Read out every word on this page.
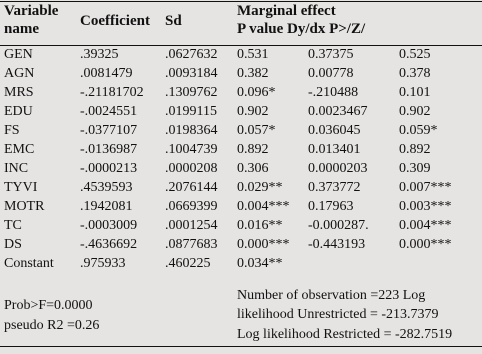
Variable
name	Coefficient Sd
Marginal effect
P value Dy/dx P>/Z/
GEN	.39325	.0627632 0.531	0.37375	0.525
AGN	.0081479 .0093184 0.382	0.00778	0.378
MRS	-.21181702 .1309762 0.096* -.210488	0.101
EDU	-.0024551 .0199115 0.902	0.0023467 0.902
FS	-.0377107 .0198364 0.057* 0.036045	0.059*
EMC	-.0136987 .1004739 0.892	0.013401	0.892
INC	-.0000213 .0000208 0.306	0.0000203 0.309
TYVI	.4539593 .2076144 0.029** 0.373772	0.007***
MOTR	.1942081 .0669399 0.004*** 0.17963	0.003***
TC	-.0003009 .0001254 0.016** -0.000287. 0.004***
DS	-.4636692 .0877683 0.000*** -0.443193 0.000***
Constant .975933	.460225 0.034**
Prob>F=0.0000
pseudo R2 =0.26
Number of observation =223 Log
likelihood Unrestricted = -213.7379
Log likelihood Restricted = -282.7519
